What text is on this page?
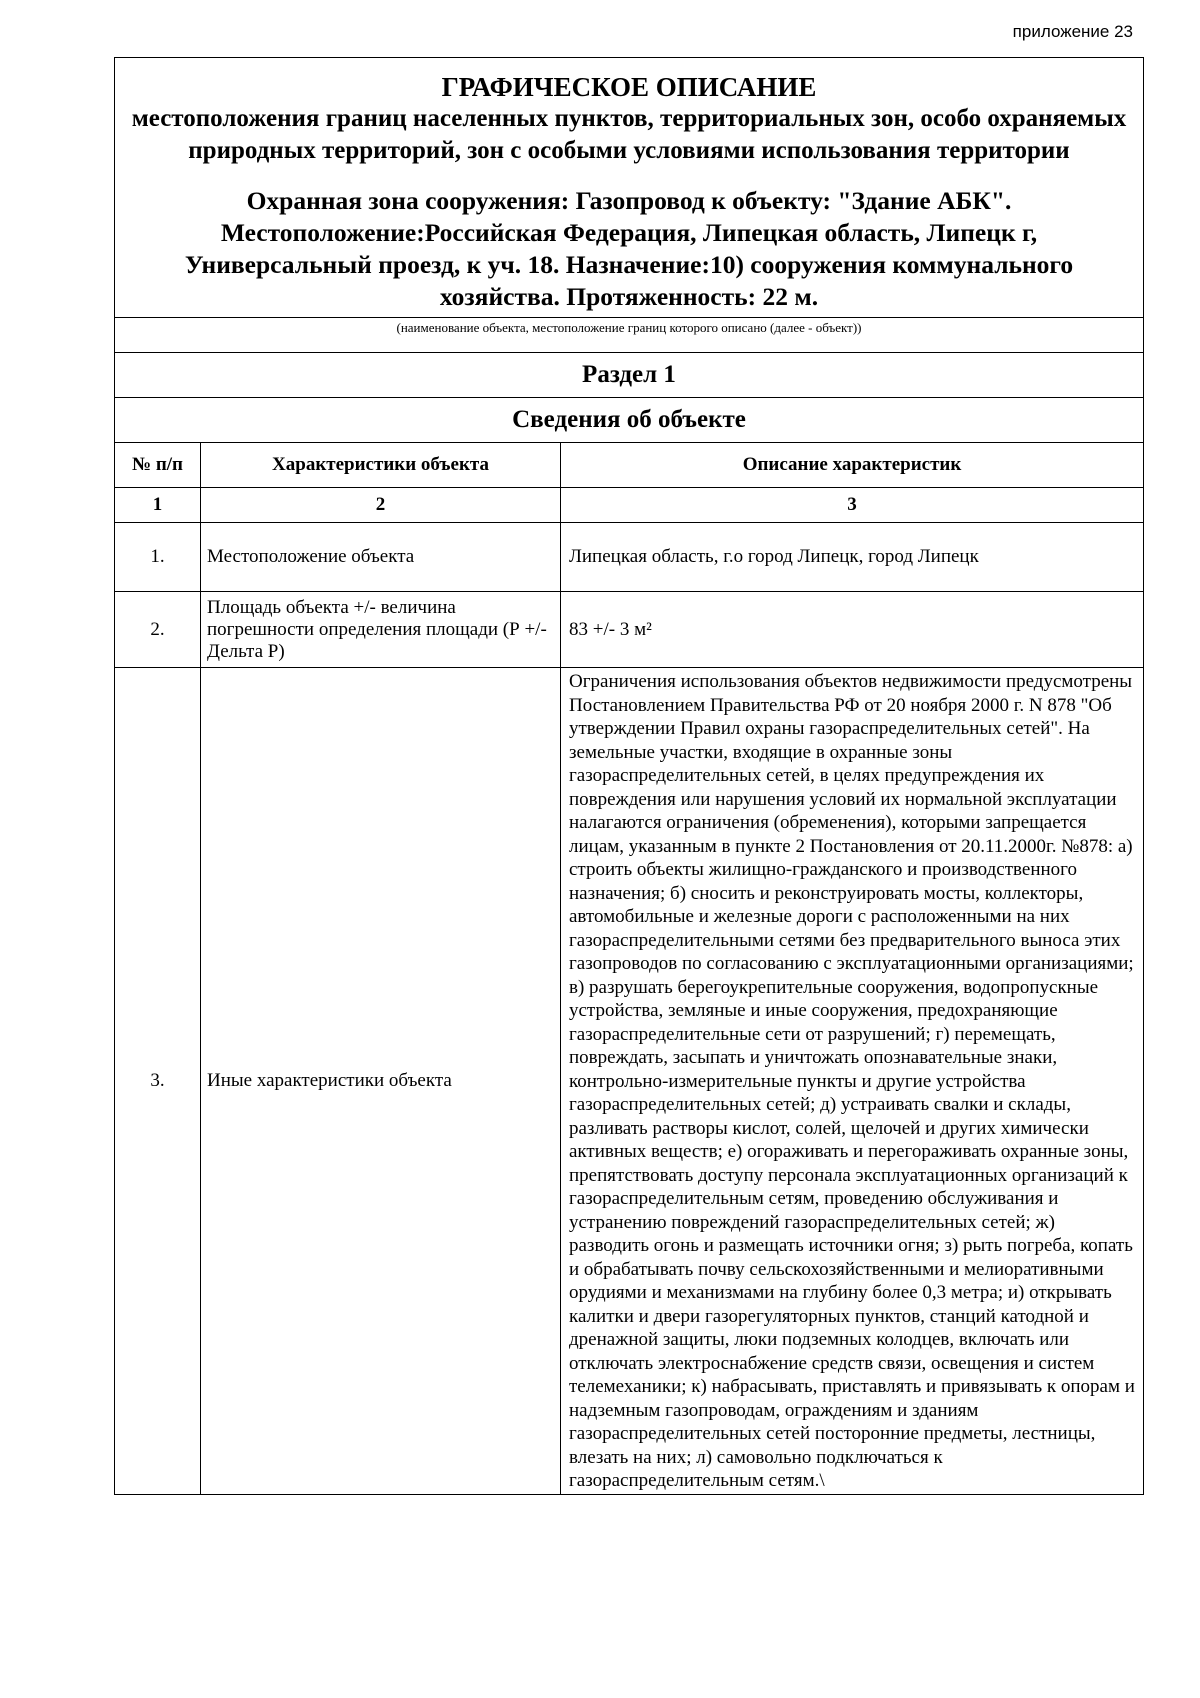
приложение 23
ГРАФИЧЕСКОЕ ОПИСАНИЕ
местоположения границ населенных пунктов, территориальных зон, особо охраняемых природных территорий, зон с особыми условиями использования территории
Охранная зона сооружения: Газопровод к объекту: "Здание АБК". Местоположение:Российская Федерация, Липецкая область, Липецк г, Универсальный проезд, к уч. 18. Назначение:10) сооружения коммунального хозяйства. Протяженность: 22 м.
(наименование объекта, местоположение границ которого описано (далее - объект))
Раздел 1
Сведения об объекте
№ п/п	Характеристики объекта	Описание характеристик
1	2	3
1.	Местоположение объекта	Липецкая область, г.о город Липецк, город Липецк
2.	Площадь объекта +/- величина погрешности определения площади (Р +/- Дельта Р)	83 +/- 3 м²
3.	Иные характеристики объекта	Ограничения использования объектов недвижимости предусмотрены Постановлением Правительства РФ от 20 ноября 2000 г. N 878 "Об утверждении Правил охраны газораспределительных сетей". На земельные участки, входящие в охранные зоны газораспределительных сетей, в целях предупреждения их повреждения или нарушения условий их нормальной эксплуатации налагаются ограничения (обременения), которыми запрещается лицам, указанным в пункте 2 Постановления от 20.11.2000г. №878: а) строить объекты жилищно-гражданского и производственного назначения; б) сносить и реконструировать мосты, коллекторы, автомобильные и железные дороги с расположенными на них газораспределительными сетями без предварительного выноса этих газопроводов по согласованию с эксплуатационными организациями; в) разрушать берегоукрепительные сооружения, водопропускные устройства, земляные и иные сооружения, предохраняющие газораспределительные сети от разрушений; г) перемещать, повреждать, засыпать и уничтожать опознавательные знаки, контрольно-измерительные пункты и другие устройства газораспределительных сетей; д) устраивать свалки и склады, разливать растворы кислот, солей, щелочей и других химически активных веществ; е) огораживать и перегораживать охранные зоны, препятствовать доступу персонала эксплуатационных организаций к газораспределительным сетям, проведению обслуживания и устранению повреждений газораспределительных сетей; ж) разводить огонь и размещать источники огня; з) рыть погреба, копать и обрабатывать почву сельскохозяйственными и мелиоративными орудиями и механизмами на глубину более 0,3 метра; и) открывать калитки и двери газорегуляторных пунктов, станций катодной и дренажной защиты, люки подземных колодцев, включать или отключать электроснабжение средств связи, освещения и систем телемеханики; к) набрасывать, приставлять и привязывать к опорам и надземным газопроводам, ограждениям и зданиям газораспределительных сетей посторонние предметы, лестницы, влезать на них; л) самовольно подключаться к газораспределительным сетям.\
